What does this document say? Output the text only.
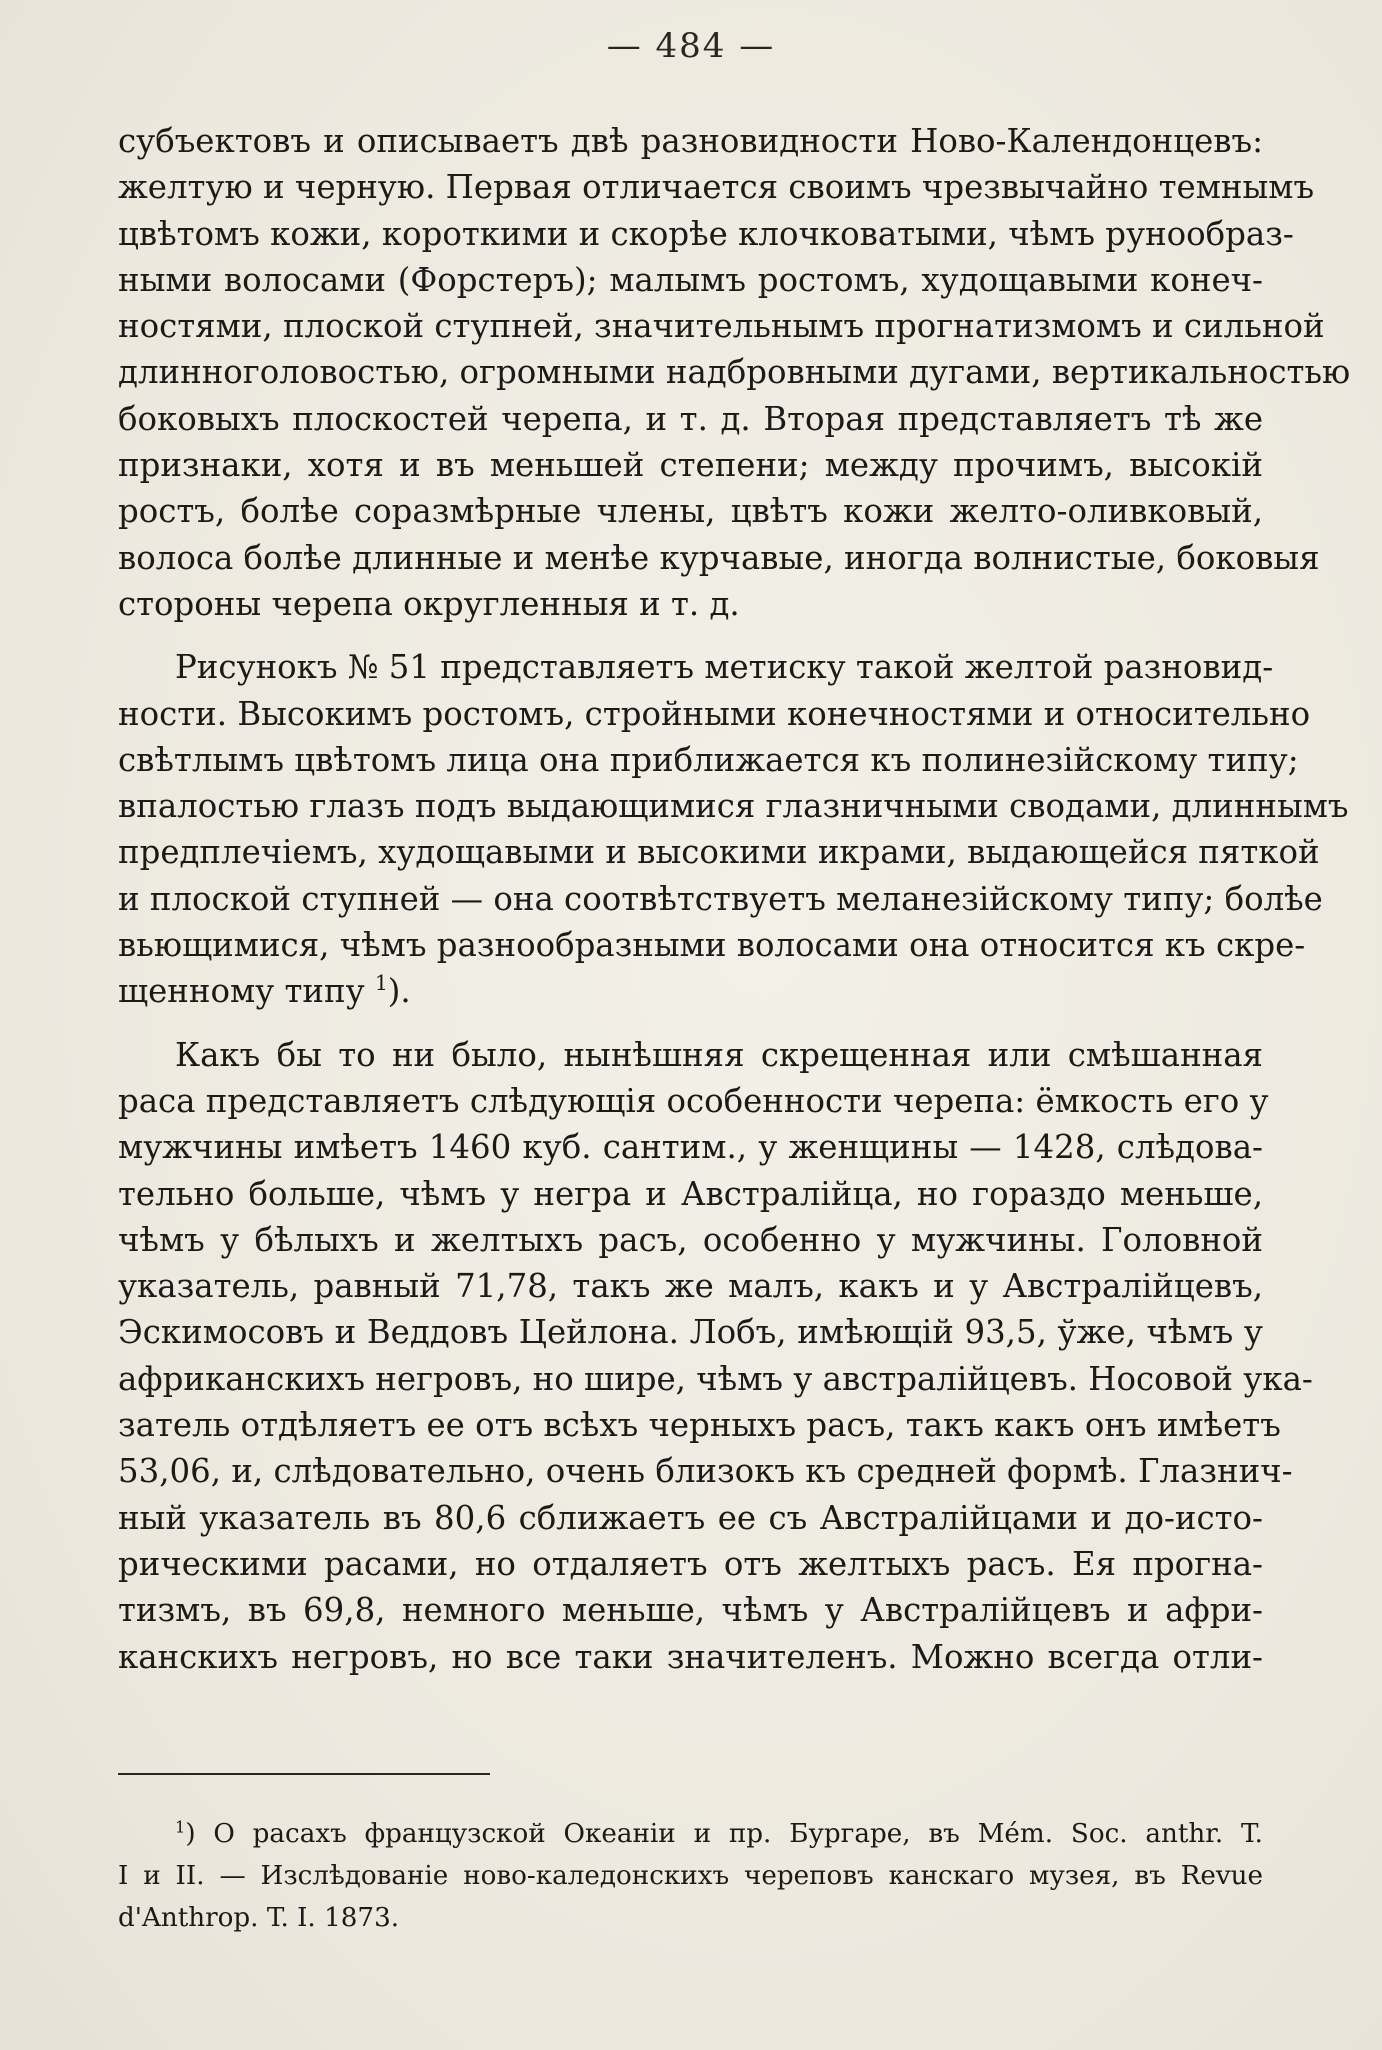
— 484 —

субъектовъ и описываетъ двѣ разновидности Ново-Календонцевъ:
желтую и черную. Первая отличается своимъ чрезвычайно темнымъ
цвѣтомъ кожи, короткими и скорѣе клочковатыми, чѣмъ рунообраз-
ными волосами (Форстеръ); малымъ ростомъ, худощавыми конеч-
ностями, плоской ступней, значительнымъ прогнатизмомъ и сильной
длинноголовостью, огромными надбровными дугами, вертикальностью
боковыхъ плоскостей черепа, и т. д. Вторая представляетъ тѣ же
признаки, хотя и въ меньшей степени; между прочимъ, высокій
ростъ, болѣе соразмѣрные члены, цвѣтъ кожи желто-оливковый,
волоса болѣе длинные и менѣе курчавые, иногда волнистые, боковыя
стороны черепа округленныя и т. д.

Рисунокъ № 51 представляетъ метиску такой желтой разновид-
ности. Высокимъ ростомъ, стройными конечностями и относительно
свѣтлымъ цвѣтомъ лица она приближается къ полинезійскому типу;
впалостью глазъ подъ выдающимися глазничными сводами, длиннымъ
предплечіемъ, худощавыми и высокими икрами, выдающейся пяткой
и плоской ступней — она соотвѣтствуетъ меланезійскому типу; болѣе
вьющимися, чѣмъ разнообразными волосами она относится къ скре-
щенному типу $^1$).

Какъ бы то ни было, нынѣшняя скрещенная или смѣшанная
раса представляетъ слѣдующія особенности черепа: ёмкость его у
мужчины имѣетъ 1460 куб. сантим., у женщины — 1428, слѣдова-
тельно больше, чѣмъ у негра и Австралійца, но гораздо меньше,
чѣмъ у бѣлыхъ и желтыхъ расъ, особенно у мужчины. Головной
указатель, равный 71,78, такъ же малъ, какъ и у Австралійцевъ,
Эскимосовъ и Веддовъ Цейлона. Лобъ, имѣющій 93,5, ўже, чѣмъ у
африканскихъ негровъ, но шире, чѣмъ у австралійцевъ. Носовой ука-
затель отдѣляетъ ее отъ всѣхъ черныхъ расъ, такъ какъ онъ имѣетъ
53,06, и, слѣдовательно, очень близокъ къ средней формѣ. Глазнич-
ный указатель въ 80,6 сближаетъ ее съ Австралійцами и до-исто-
рическими расами, но отдаляетъ отъ желтыхъ расъ. Ея прогна-
тизмъ, въ 69,8, немного меньше, чѣмъ у Австралійцевъ и афри-
канскихъ негровъ, но все таки значителенъ. Можно всегда отли-

$^1$) О расахъ французской Океаніи и пр. Бургаре, въ Mém. Soc. anthr. T.
I и II. — Изслѣдованіе ново-каледонскихъ череповъ канскаго музея, въ Revue
d'Anthrop. T. I. 1873.
